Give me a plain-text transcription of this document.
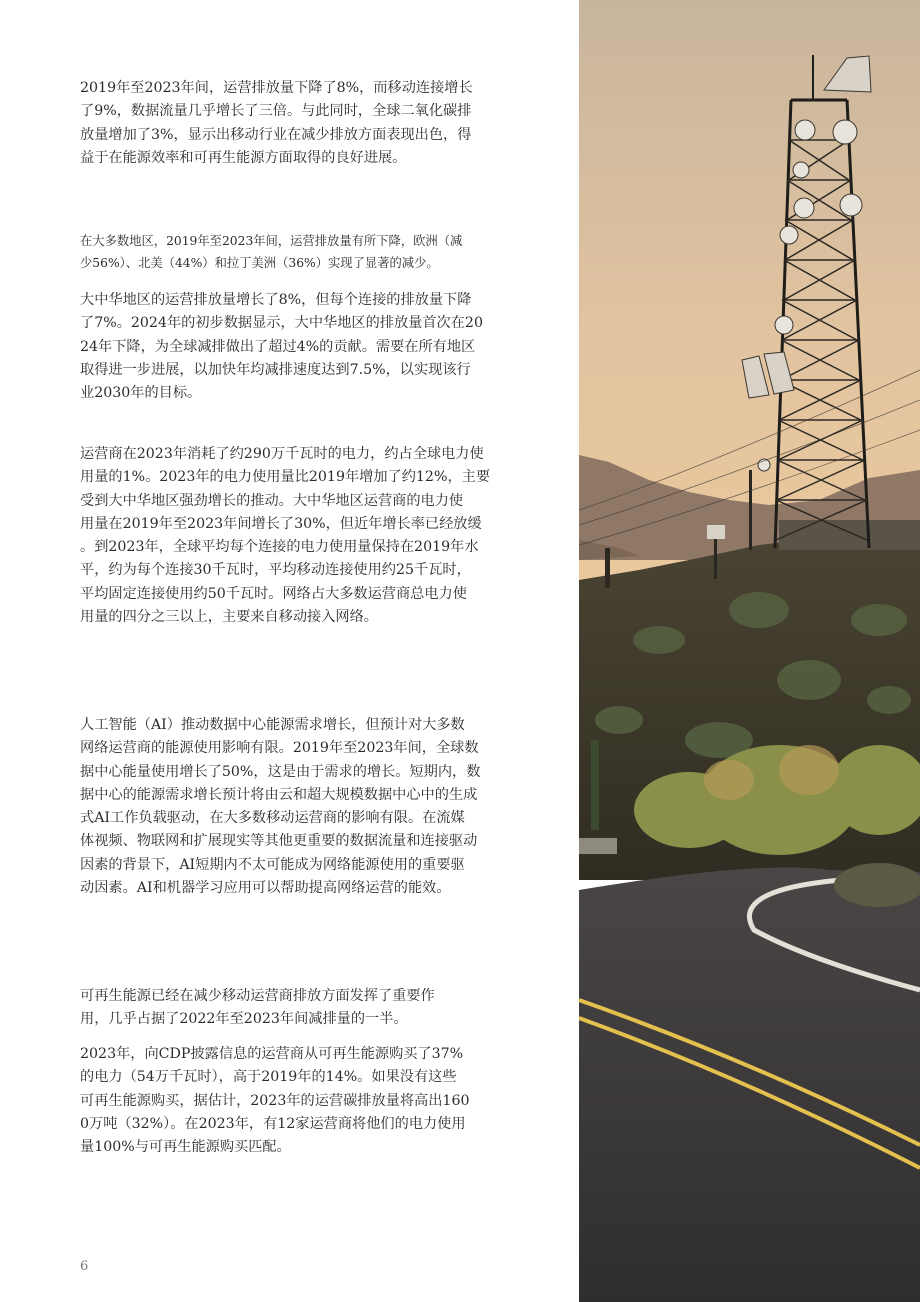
2019年至2023年间，运营排放量下降了8%，而移动连接增长
了9%，数据流量几乎增长了三倍。与此同时，全球二氧化碳排
放量增加了3%，显示出移动行业在减少排放方面表现出色，得
益于在能源效率和可再生能源方面取得的良好进展。

在大多数地区，2019年至2023年间，运营排放量有所下降，欧洲（减
少56%）、北美（44%）和拉丁美洲（36%）实现了显著的减少。

大中华地区的运营排放量增长了8%，但每个连接的排放量下降
了7%。2024年的初步数据显示，大中华地区的排放量首次在20
24年下降，为全球减排做出了超过4%的贡献。需要在所有地区
取得进一步进展，以加快年均减排速度达到7.5%，以实现该行
业2030年的目标。

运营商在2023年消耗了约290万千瓦时的电力，约占全球电力使
用量的1%。2023年的电力使用量比2019年增加了约12%，主要
受到大中华地区强劲增长的推动。大中华地区运营商的电力使
用量在2019年至2023年间增长了30%，但近年增长率已经放缓
。到2023年，全球平均每个连接的电力使用量保持在2019年水
平，约为每个连接30千瓦时，平均移动连接使用约25千瓦时，
平均固定连接使用约50千瓦时。网络占大多数运营商总电力使
用量的四分之三以上，主要来自移动接入网络。

人工智能（AI）推动数据中心能源需求增长，但预计对大多数
网络运营商的能源使用影响有限。2019年至2023年间，全球数
据中心能量使用增长了50%，这是由于需求的增长。短期内，数
据中心的能源需求增长预计将由云和超大规模数据中心中的生成
式AI工作负载驱动，在大多数移动运营商的影响有限。在流媒
体视频、物联网和扩展现实等其他更重要的数据流量和连接驱动
因素的背景下，AI短期内不太可能成为网络能源使用的重要驱
动因素。AI和机器学习应用可以帮助提高网络运营的能效。

可再生能源已经在减少移动运营商排放方面发挥了重要作
用，几乎占据了2022年至2023年间减排量的一半。

2023年，向CDP披露信息的运营商从可再生能源购买了37%
的电力（54万千瓦时），高于2019年的14%。如果没有这些
可再生能源购买，据估计，2023年的运营碳排放量将高出160
0万吨（32%）。在2023年，有12家运营商将他们的电力使用
量100%与可再生能源购买匹配。

6
